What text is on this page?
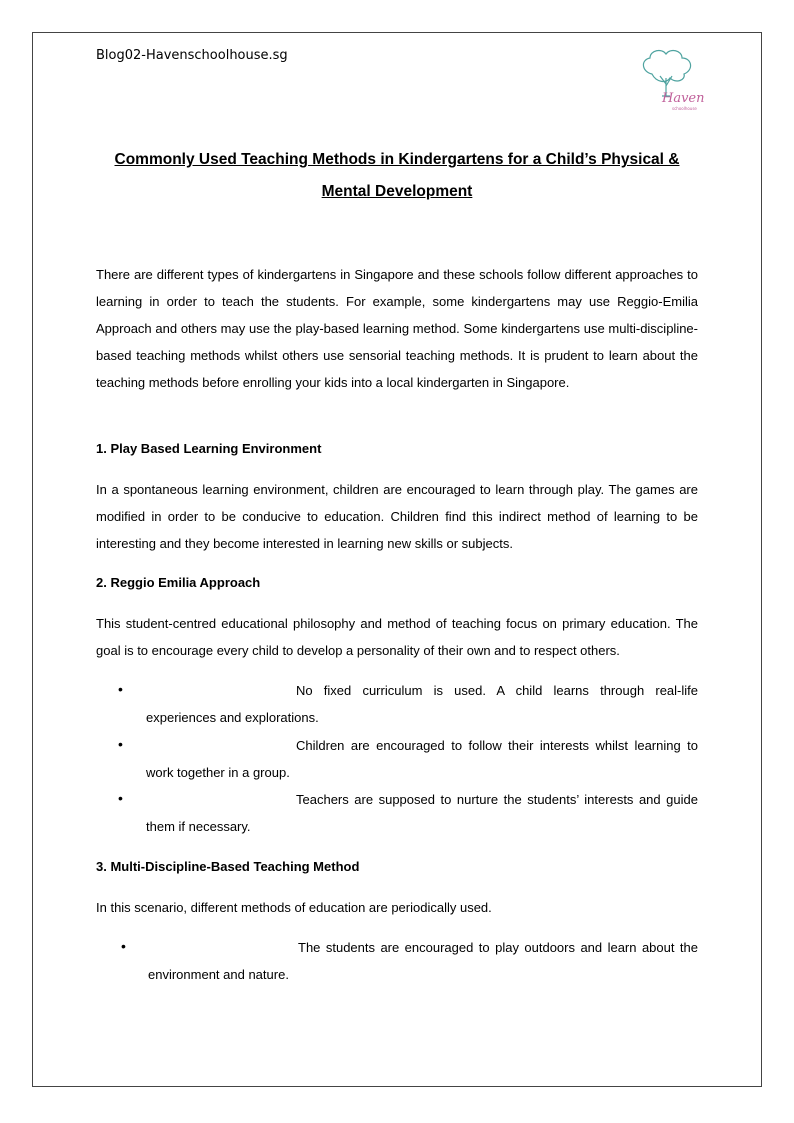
Blog02-Havenschoolhouse.sg
Haven
schoolhouse
Commonly Used Teaching Methods in Kindergartens for a Child’s Physical &
Mental Development
There are different types of kindergartens in Singapore and these schools follow different approaches to learning in order to teach the students. For example, some kindergartens may use Reggio-Emilia Approach and others may use the play-based learning method. Some kindergartens use multi-discipline-based teaching methods whilst others use sensorial teaching methods. It is prudent to learn about the teaching methods before enrolling your kids into a local kindergarten in Singapore.
1. Play Based Learning Environment
In a spontaneous learning environment, children are encouraged to learn through play. The games are modified in order to be conducive to education. Children find this indirect method of learning to be interesting and they become interested in learning new skills or subjects.
2. Reggio Emilia Approach
This student-centred educational philosophy and method of teaching focus on primary education. The goal is to encourage every child to develop a personality of their own and to respect others.
•	No fixed curriculum is used. A child learns through real-life experiences and explorations.
•	Children are encouraged to follow their interests whilst learning to work together in a group.
•	Teachers are supposed to nurture the students’ interests and guide them if necessary.
3. Multi-Discipline-Based Teaching Method
In this scenario, different methods of education are periodically used.
•	The students are encouraged to play outdoors and learn about the environment and nature.
